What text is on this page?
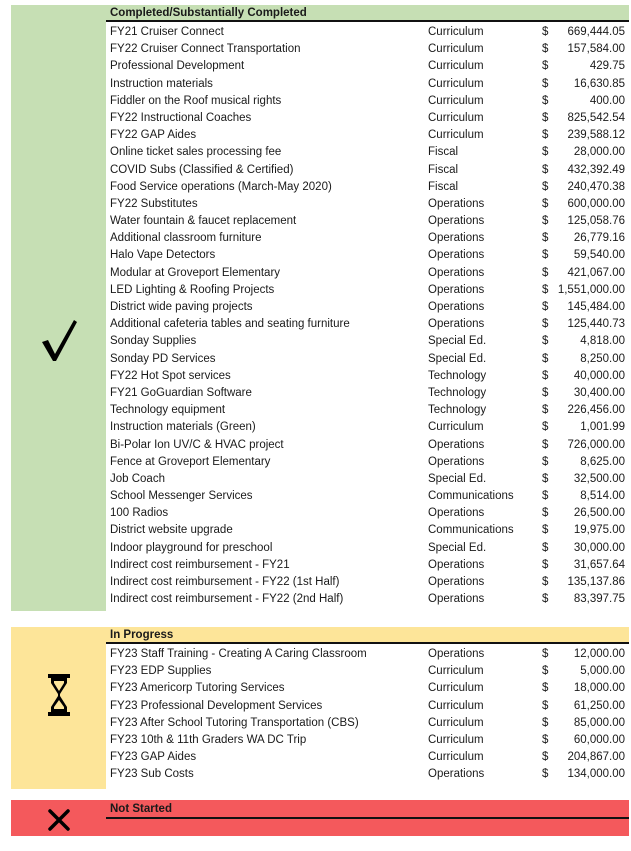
Completed/Substantially Completed
FY21 Cruiser Connect	Curriculum	$ 669,444.05
FY22 Cruiser Connect Transportation	Curriculum	$ 157,584.00
Professional Development	Curriculum	$	429.75
Instruction materials	Curriculum	$ 16,630.85
Fiddler on the Roof musical rights	Curriculum	$	400.00
FY22 Instructional Coaches	Curriculum	$ 825,542.54
FY22 GAP Aides	Curriculum	$ 239,588.12
Online ticket sales processing fee	Fiscal	$ 28,000.00
COVID Subs (Classified & Certified)	Fiscal	$ 432,392.49
Food Service operations (March-May 2020)	Fiscal	$ 240,470.38
FY22 Substitutes	Operations	$ 600,000.00
Water fountain & faucet replacement	Operations	$ 125,058.76
Additional classroom furniture	Operations	$ 26,779.16
Halo Vape Detectors	Operations	$ 59,540.00
Modular at Groveport Elementary	Operations	$ 421,067.00
LED Lighting & Roofing Projects	Operations	$ 1,551,000.00
District wide paving projects	Operations	$ 145,484.00
Additional cafeteria tables and seating furniture	Operations	$ 125,440.73
Sonday Supplies	Special Ed.	$	4,818.00
Sonday PD Services	Special Ed.	$	8,250.00
FY22 Hot Spot services	Technology	$ 40,000.00
FY21 GoGuardian Software	Technology	$ 30,400.00
Technology equipment	Technology	$ 226,456.00
Instruction materials (Green)	Curriculum	$	1,001.99
Bi-Polar Ion UV/C & HVAC project	Operations	$ 726,000.00
Fence at Groveport Elementary	Operations	$	8,625.00
Job Coach	Special Ed.	$ 32,500.00
School Messenger Services	Communications $	8,514.00
100 Radios	Operations	$ 26,500.00
District website upgrade	Communications $ 19,975.00
Indoor playground for preschool	Special Ed.	$ 30,000.00
Indirect cost reimbursement - FY21	Operations	$ 31,657.64
Indirect cost reimbursement - FY22 (1st Half)	Operations	$ 135,137.86
Indirect cost reimbursement - FY22 (2nd Half)	Operations	$ 83,397.75
In Progress
FY23 Staff Training - Creating A Caring Classroom	Operations	$ 12,000.00
FY23 EDP Supplies	Curriculum	$	5,000.00
FY23 Americorp Tutoring Services	Curriculum	$ 18,000.00
FY23 Professional Development Services	Curriculum	$ 61,250.00
FY23 After School Tutoring Transportation (CBS)	Curriculum	$ 85,000.00
FY23 10th & 11th Graders WA DC Trip	Curriculum	$ 60,000.00
FY23 GAP Aides	Curriculum	$ 204,867.00
FY23 Sub Costs	Operations	$ 134,000.00
Not Started
